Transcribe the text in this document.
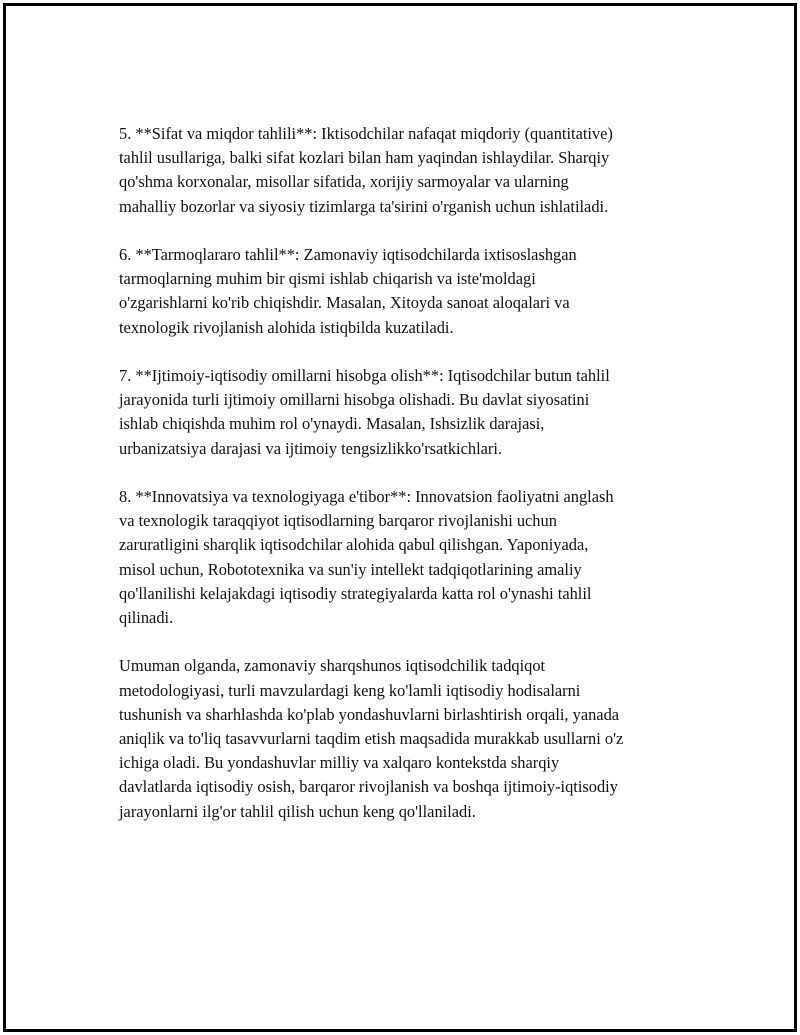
5. **Sifat va miqdor tahlili**: Iktisodchilar nafaqat miqdoriy (quantitative)
tahlil usullariga, balki sifat kozlari bilan ham yaqindan ishlaydilar. Sharqiy
qo'shma korxonalar, misollar sifatida, xorijiy sarmoyalar va ularning
mahalliy bozorlar va siyosiy tizimlarga ta'sirini o'rganish uchun ishlatiladi.

6. **Tarmoqlararo tahlil**: Zamonaviy iqtisodchilarda ixtisoslashgan
tarmoqlarning muhim bir qismi ishlab chiqarish va iste'moldagi
o'zgarishlarni ko'rib chiqishdir. Masalan, Xitoyda sanoat aloqalari va
texnologik rivojlanish alohida istiqbilda kuzatiladi.

7. **Ijtimoiy-iqtisodiy omillarni hisobga olish**: Iqtisodchilar butun tahlil
jarayonida turli ijtimoiy omillarni hisobga olishadi. Bu davlat siyosatini
ishlab chiqishda muhim rol o'ynaydi. Masalan, Ishsizlik darajasi,
urbanizatsiya darajasi va ijtimoiy tengsizlikko'rsatkichlari.

8. **Innovatsiya va texnologiyaga e'tibor**: Innovatsion faoliyatni anglash
va texnologik taraqqiyot iqtisodlarning barqaror rivojlanishi uchun
zaruratligini sharqlik iqtisodchilar alohida qabul qilishgan. Yaponiyada,
misol uchun, Robototexnika va sun'iy intellekt tadqiqotlarining amaliy
qo'llanilishi kelajakdagi iqtisodiy strategiyalarda katta rol o'ynashi tahlil
qilinadi.

Umuman olganda, zamonaviy sharqshunos iqtisodchilik tadqiqot
metodologiyasi, turli mavzulardagi keng ko'lamli iqtisodiy hodisalarni
tushunish va sharhlashda ko'plab yondashuvlarni birlashtirish orqali, yanada
aniqlik va to'liq tasavvurlarni taqdim etish maqsadida murakkab usullarni o'z
ichiga oladi. Bu yondashuvlar milliy va xalqaro kontekstda sharqiy
davlatlarda iqtisodiy osish, barqaror rivojlanish va boshqa ijtimoiy-iqtisodiy
jarayonlarni ilg'or tahlil qilish uchun keng qo'llaniladi.
